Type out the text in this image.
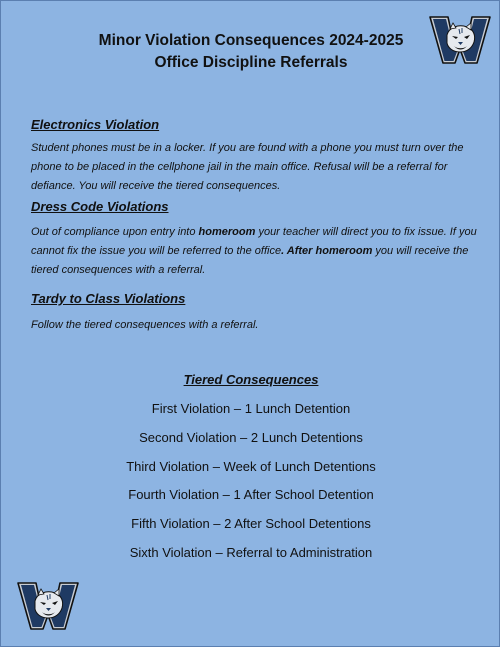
Minor Violation Consequences 2024-2025
Office Discipline Referrals
Electronics Violation

Student phones must be in a locker. If you are found with a phone you must turn over the phone to be placed in the cellphone jail in the main office. Refusal will be a referral for defiance. You will receive the tiered consequences.

Dress Code Violations

Out of compliance upon entry into homeroom your teacher will direct you to fix issue. If you cannot fix the issue you will be referred to the office. After homeroom you will receive the tiered consequences with a referral.

Tardy to Class Violations

Follow the tiered consequences with a referral.

Tiered Consequences
First Violation – 1 Lunch Detention
Second Violation – 2 Lunch Detentions
Third Violation – Week of Lunch Detentions
Fourth Violation – 1 After School Detention
Fifth Violation – 2 After School Detentions
Sixth Violation – Referral to Administration
